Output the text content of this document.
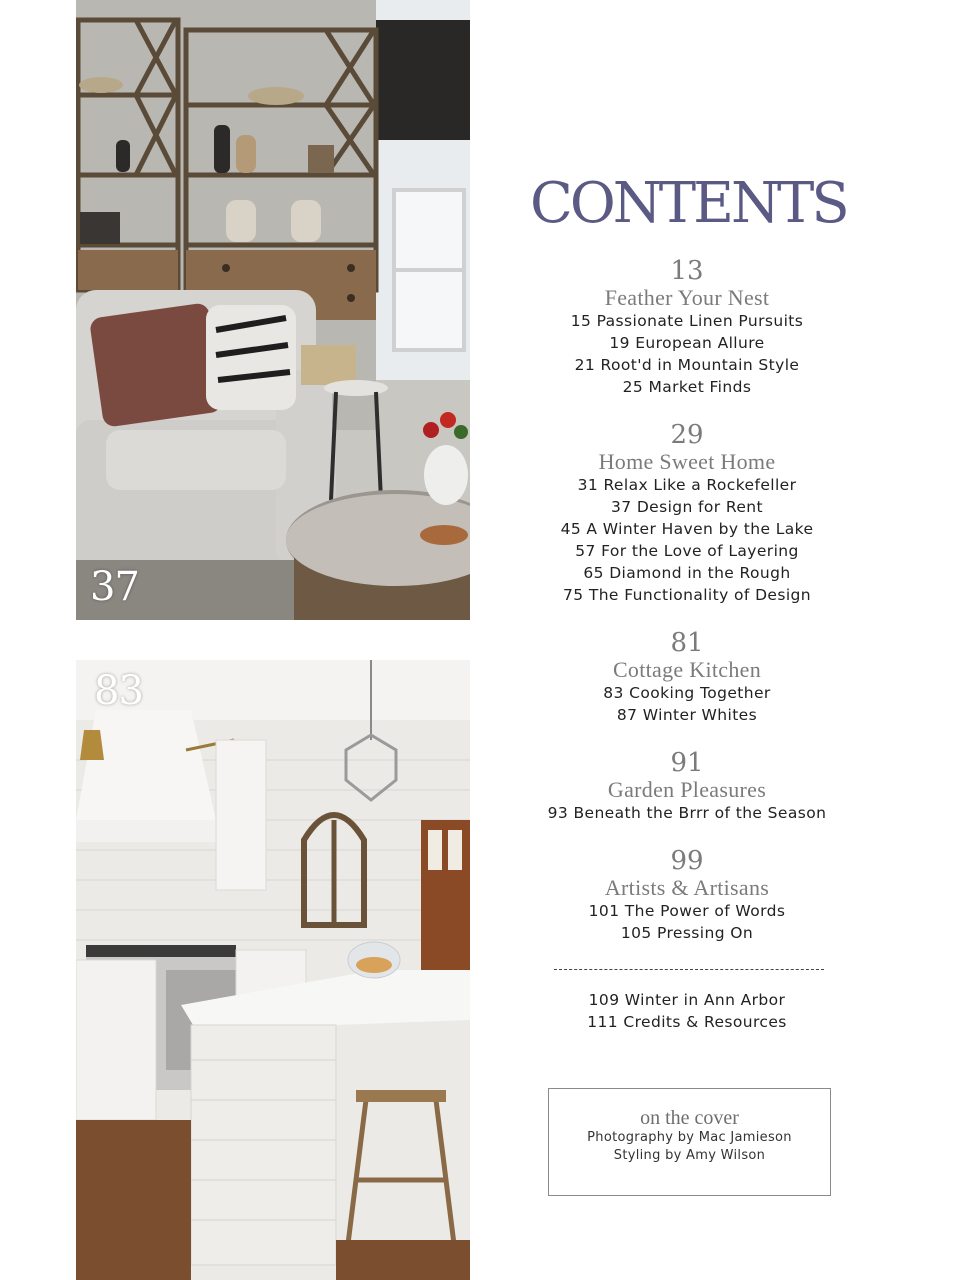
37
83
CONTENTS
13
Feather Your Nest
15 Passionate Linen Pursuits
19 European Allure
21 Root'd in Mountain Style
25 Market Finds
29
Home Sweet Home
31 Relax Like a Rockefeller
37 Design for Rent
45 A Winter Haven by the Lake
57 For the Love of Layering
65 Diamond in the Rough
75 The Functionality of Design
81
Cottage Kitchen
83 Cooking Together
87 Winter Whites
91
Garden Pleasures
93 Beneath the Brrr of the Season
99
Artists & Artisans
101 The Power of Words
105 Pressing On
109 Winter in Ann Arbor
111 Credits & Resources
on the cover
Photography by Mac Jamieson
Styling by Amy Wilson
